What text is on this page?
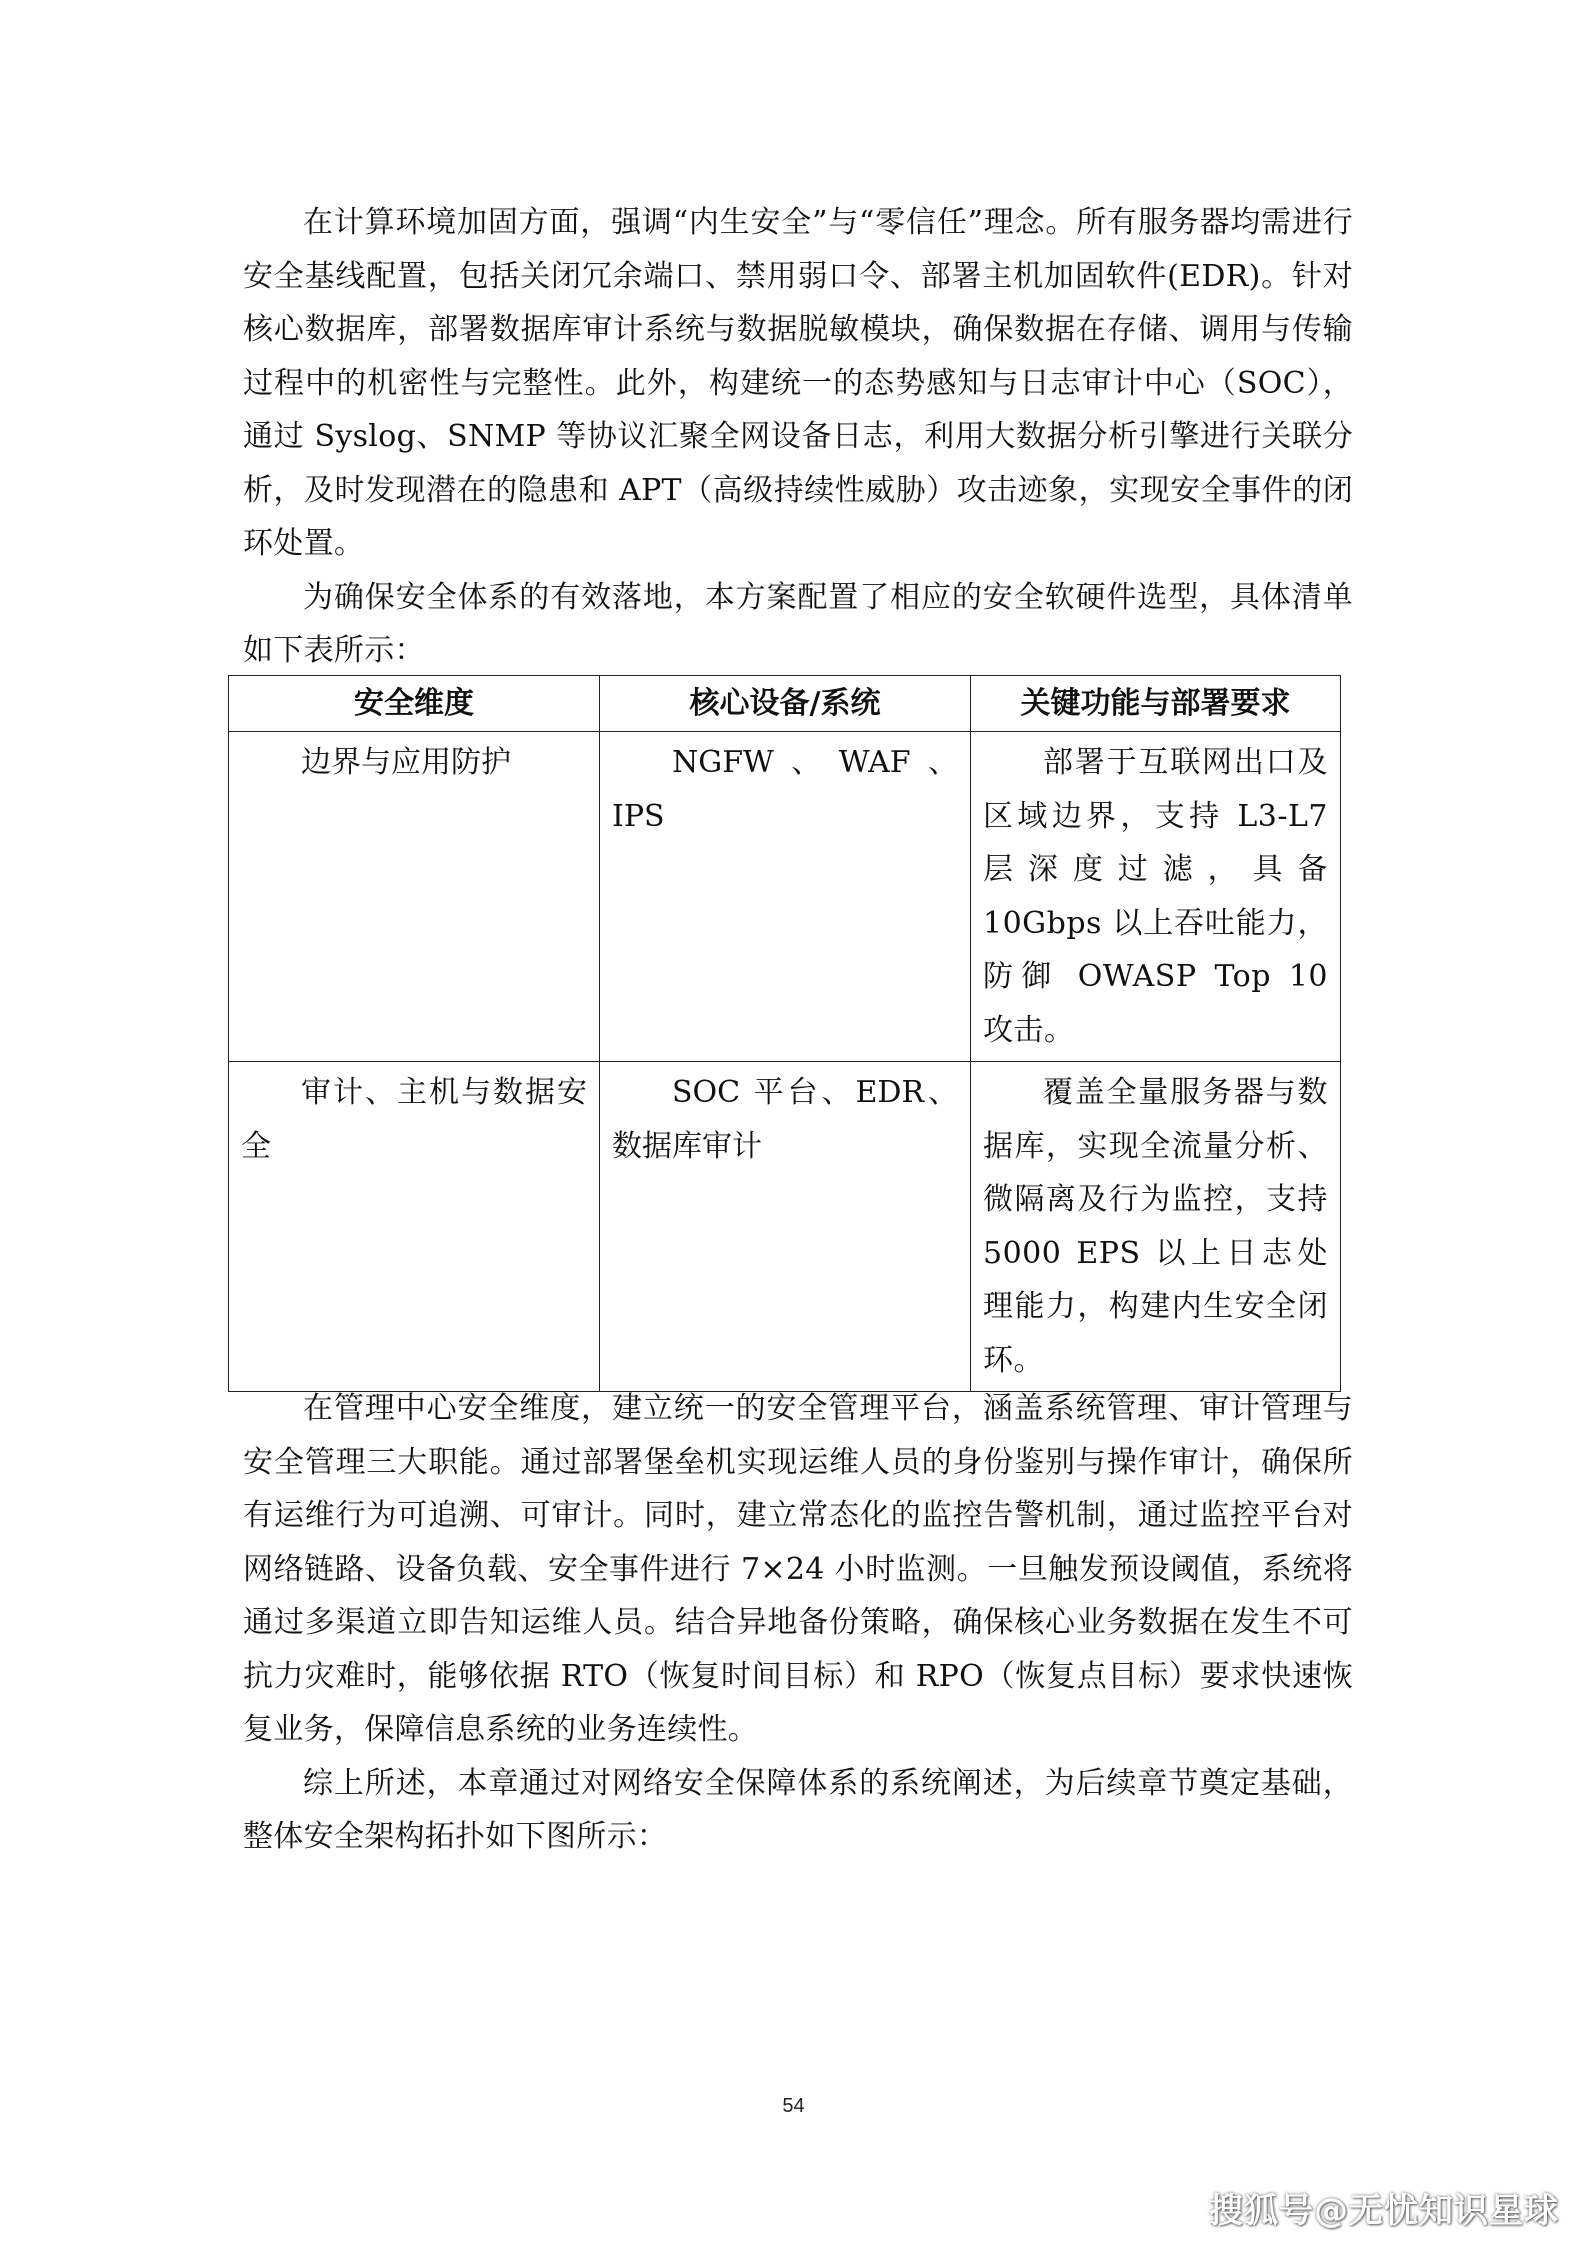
在计算环境加固方面，强调“内生安全”与“零信任”理念。所有服务器均需进行安全基线配置，包括关闭冗余端口、禁用弱口令、部署主机加固软件(EDR)。针对核心数据库，部署数据库审计系统与数据脱敏模块，确保数据在存储、调用与传输过程中的机密性与完整性。此外，构建统一的态势感知与日志审计中心（SOC），通过 Syslog、SNMP 等协议汇聚全网设备日志，利用大数据分析引擎进行关联分析，及时发现潜在的隐患和 APT（高级持续性威胁）攻击迹象，实现安全事件的闭环处置。

为确保安全体系的有效落地，本方案配置了相应的安全软硬件选型，具体清单如下表所示：

安全维度	核心设备/系统	关键功能与部署要求
边界与应用防护	NGFW、WAF、IPS	部署于互联网出口及区域边界，支持 L3-L7 层深度过滤，具备 10Gbps 以上吞吐能力，防御 OWASP Top 10 攻击。
审计、主机与数据安全	SOC 平台、EDR、数据库审计	覆盖全量服务器与数据库，实现全流量分析、微隔离及行为监控，支持 5000 EPS 以上日志处理能力，构建内生安全闭环。

在管理中心安全维度，建立统一的安全管理平台，涵盖系统管理、审计管理与安全管理三大职能。通过部署堡垒机实现运维人员的身份鉴别与操作审计，确保所有运维行为可追溯、可审计。同时，建立常态化的监控告警机制，通过监控平台对网络链路、设备负载、安全事件进行 7×24 小时监测。一旦触发预设阈值，系统将通过多渠道立即告知运维人员。结合异地备份策略，确保核心业务数据在发生不可抗力灾难时，能够依据 RTO（恢复时间目标）和 RPO（恢复点目标）要求快速恢复业务，保障信息系统的业务连续性。

综上所述，本章通过对网络安全保障体系的系统阐述，为后续章节奠定基础，整体安全架构拓扑如下图所示：

54
搜狐号@无忧知识星球
